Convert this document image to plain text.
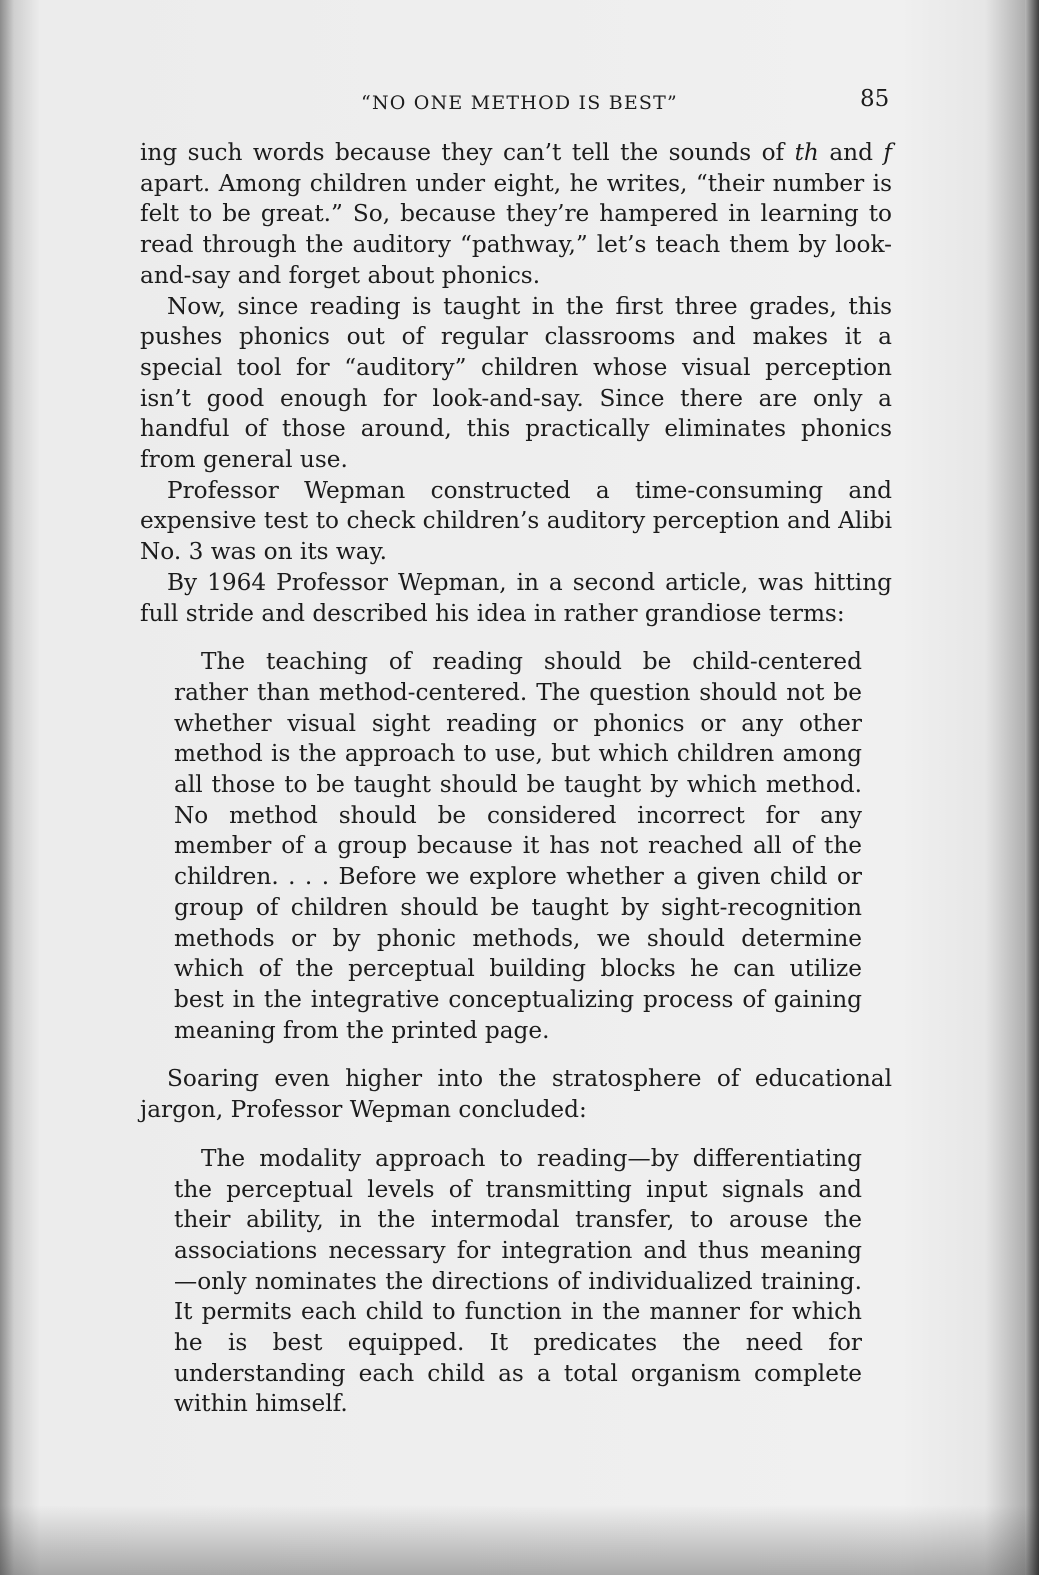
“NO ONE METHOD IS BEST”	85

ing such words because they can’t tell the sounds of th and f apart. Among children under eight, he writes, “their number is felt to be great.” So, because they’re hampered in learning to read through the auditory “pathway,” let’s teach them by look-and-say and forget about phonics.

Now, since reading is taught in the first three grades, this pushes phonics out of regular classrooms and makes it a special tool for “auditory” children whose visual perception isn’t good enough for look-and-say. Since there are only a handful of those around, this practically eliminates phonics from general use.

Professor Wepman constructed a time-consuming and expensive test to check children’s auditory perception and Alibi No. 3 was on its way.

By 1964 Professor Wepman, in a second article, was hitting full stride and described his idea in rather grandiose terms:

The teaching of reading should be child-centered rather than method-centered. The question should not be whether visual sight reading or phonics or any other method is the approach to use, but which children among all those to be taught should be taught by which method. No method should be considered incorrect for any member of a group because it has not reached all of the children. . . . Before we explore whether a given child or group of children should be taught by sight-recognition methods or by phonic methods, we should determine which of the perceptual building blocks he can utilize best in the integrative conceptualizing process of gaining meaning from the printed page.

Soaring even higher into the stratosphere of educational jargon, Professor Wepman concluded:

The modality approach to reading—by differentiating the perceptual levels of transmitting input signals and their ability, in the intermodal transfer, to arouse the associations necessary for integration and thus meaning—only nominates the directions of individualized training. It permits each child to function in the manner for which he is best equipped. It predicates the need for understanding each child as a total organism complete within himself.
